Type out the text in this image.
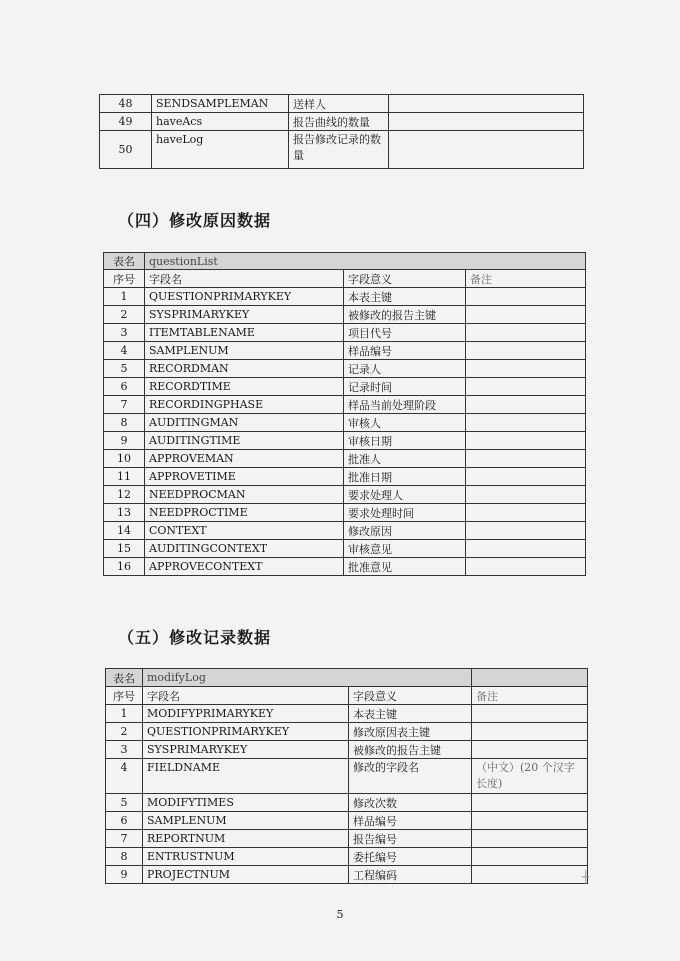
48	SENDSAMPLEMAN	送样人	
49	haveAcs	报告曲线的数量	
50	haveLog	报告修改记录的数量	
（四）修改原因数据
表名	questionList		
序号	字段名	字段意义	备注
1	QUESTIONPRIMARYKEY	本表主键	
2	SYSPRIMARYKEY	被修改的报告主键	
3	ITEMTABLENAME	项目代号	
4	SAMPLENUM	样品编号	
5	RECORDMAN	记录人	
6	RECORDTIME	记录时间	
7	RECORDINGPHASE	样品当前处理阶段	
8	AUDITINGMAN	审核人	
9	AUDITINGTIME	审核日期	
10	APPROVEMAN	批准人	
11	APPROVETIME	批准日期	
12	NEEDPROCMAN	要求处理人	
13	NEEDPROCTIME	要求处理时间	
14	CONTEXT	修改原因	
15	AUDITINGCONTEXT	审核意见	
16	APPROVECONTEXT	批准意见	
（五）修改记录数据
表名	modifyLog		
序号	字段名	字段意义	备注
1	MODIFYPRIMARYKEY	本表主键	
2	QUESTIONPRIMARYKEY	修改原因表主键	
3	SYSPRIMARYKEY	被修改的报告主键	
4	FIELDNAME	修改的字段名	（中文）(20 个汉字长度)
5	MODIFYTIMES	修改次数	
6	SAMPLENUM	样品编号	
7	REPORTNUM	报告编号	
8	ENTRUSTNUM	委托编号	
9	PROJECTNUM	工程编码		┼
5
